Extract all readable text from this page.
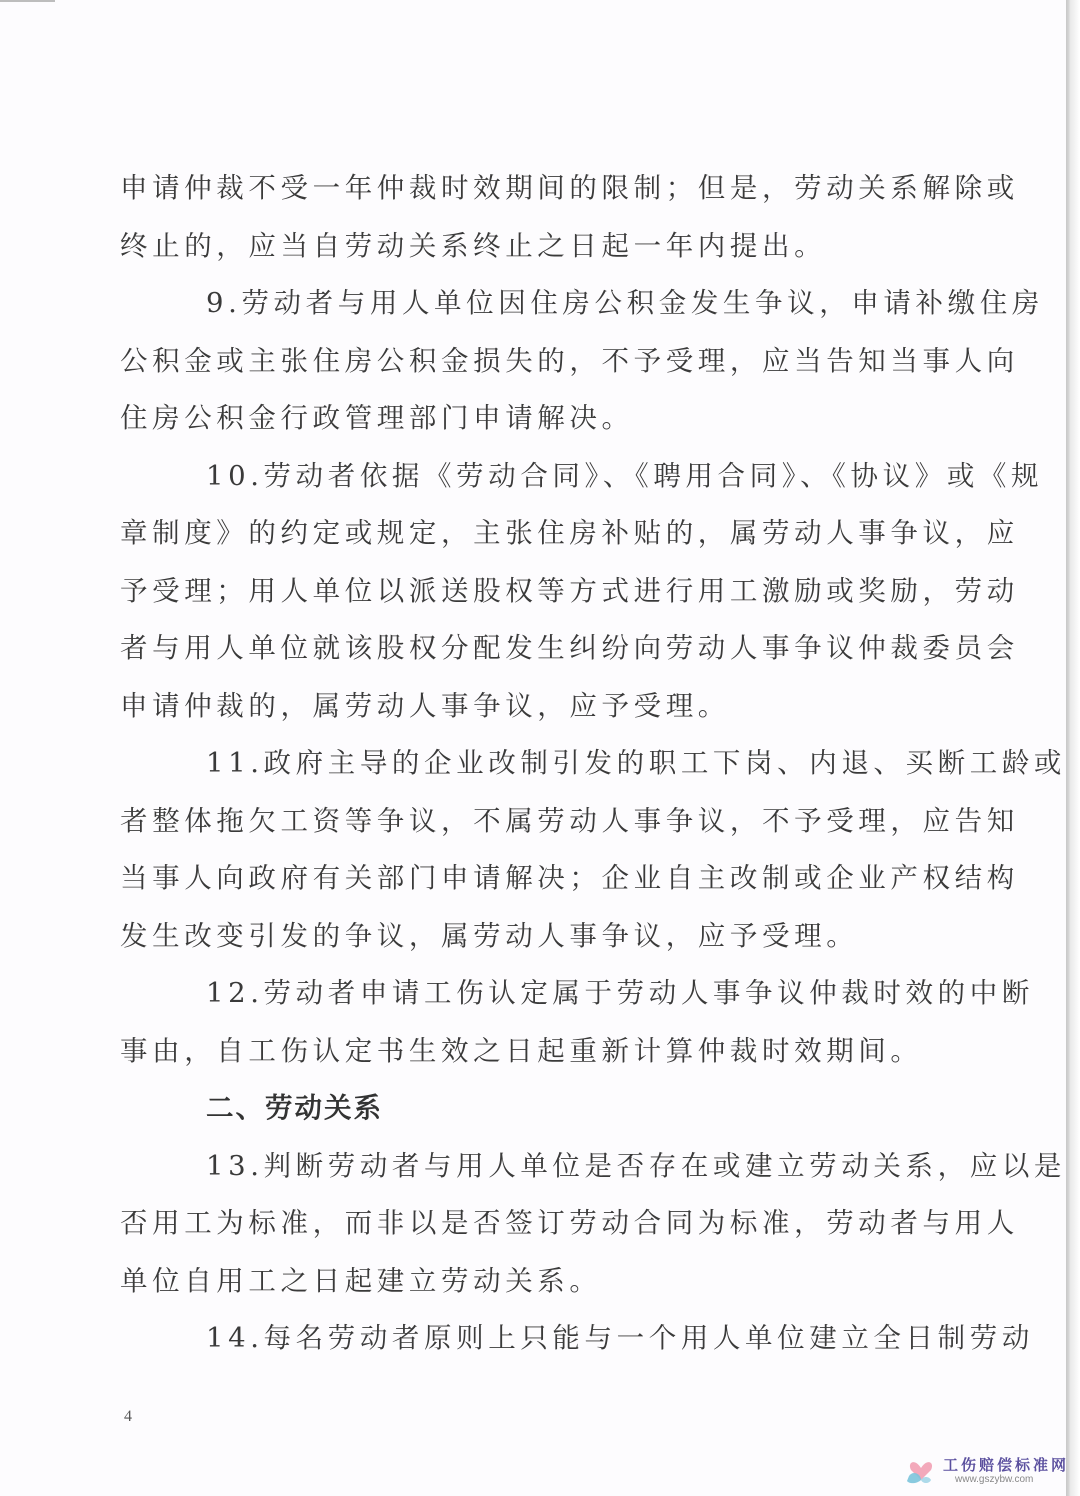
申请仲裁不受一年仲裁时效期间的限制；但是，劳动关系解除或
终止的，应当自劳动关系终止之日起一年内提出。
9.劳动者与用人单位因住房公积金发生争议，申请补缴住房
公积金或主张住房公积金损失的，不予受理，应当告知当事人向
住房公积金行政管理部门申请解决。
10.劳动者依据《劳动合同》、《聘用合同》、《协议》或《规
章制度》的约定或规定，主张住房补贴的，属劳动人事争议，应
予受理；用人单位以派送股权等方式进行用工激励或奖励，劳动
者与用人单位就该股权分配发生纠纷向劳动人事争议仲裁委员会
申请仲裁的，属劳动人事争议，应予受理。
11.政府主导的企业改制引发的职工下岗、内退、买断工龄或
者整体拖欠工资等争议，不属劳动人事争议，不予受理，应告知
当事人向政府有关部门申请解决；企业自主改制或企业产权结构
发生改变引发的争议，属劳动人事争议，应予受理。
12.劳动者申请工伤认定属于劳动人事争议仲裁时效的中断
事由，自工伤认定书生效之日起重新计算仲裁时效期间。
二、劳动关系
13.判断劳动者与用人单位是否存在或建立劳动关系，应以是
否用工为标准，而非以是否签订劳动合同为标准，劳动者与用人
单位自用工之日起建立劳动关系。
14.每名劳动者原则上只能与一个用人单位建立全日制劳动
4
工伤赔偿标准网
www.gszybw.com
